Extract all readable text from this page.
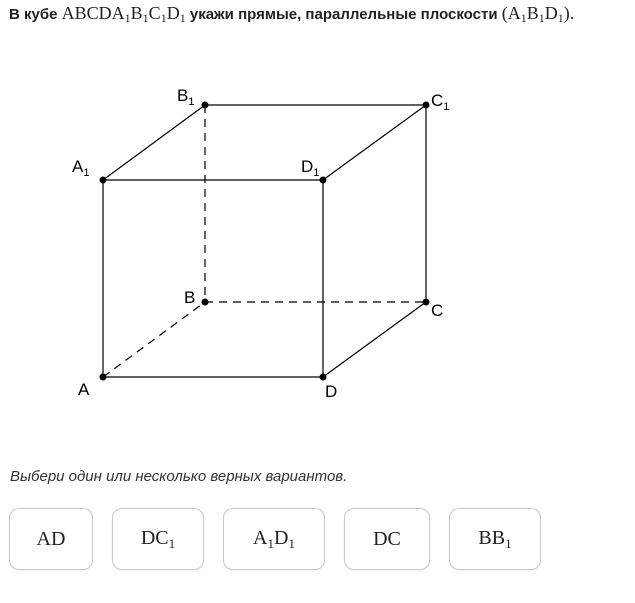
В кубе $ABCDA_1B_1C_1D_1$ укажи прямые, параллельные плоскости $(A_1B_1D_1)$.
A
B
C
D
$A_1$
$B_1$	$C_1$
$D_1$
Выбери один или несколько верных вариантов.
AD	$DC_1$	$A_1D_1$	DC	$BB_1$
